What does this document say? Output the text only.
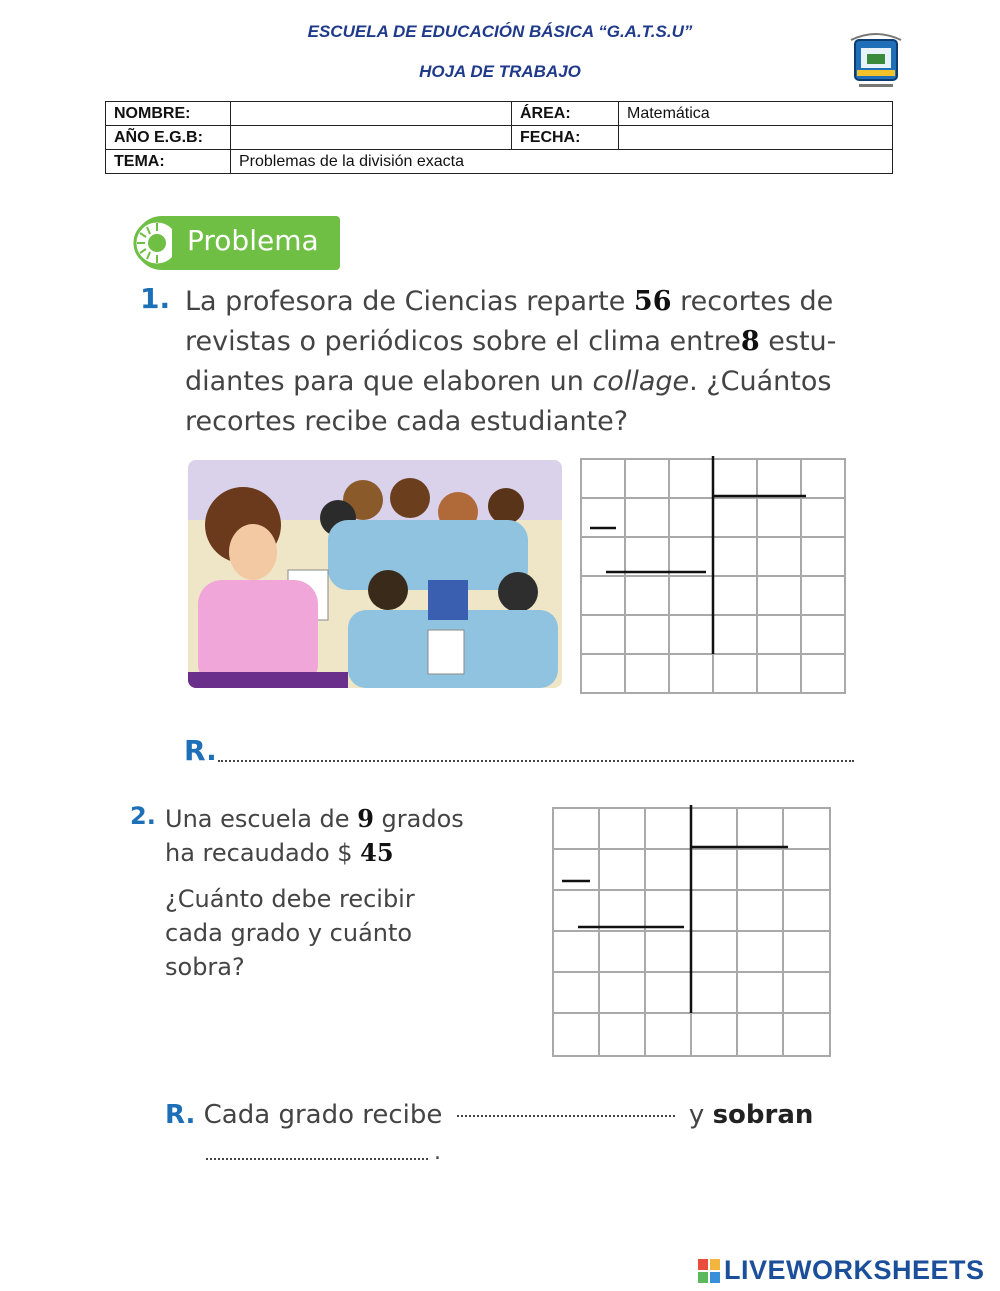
ESCUELA DE EDUCACIÓN BÁSICA “G.A.T.S.U”
HOJA DE TRABAJO
NOMBRE:		ÁREA:	Matemática
AÑO E.G.B:		FECHA:	
TEMA:	Problemas de la división exacta		
Problema
1. La profesora de Ciencias reparte 56 recortes de revistas o periódicos sobre el clima entre8 estu- diantes para que elaboren un collage. ¿Cuántos recortes recibe cada estudiante?
R.
2. Una escuela de 9 grados
ha recaudado $ 45
¿Cuánto debe recibir cada grado y cuánto sobra?
R. Cada grado recibe	y sobran
.
LIVEWORKSHEETS
